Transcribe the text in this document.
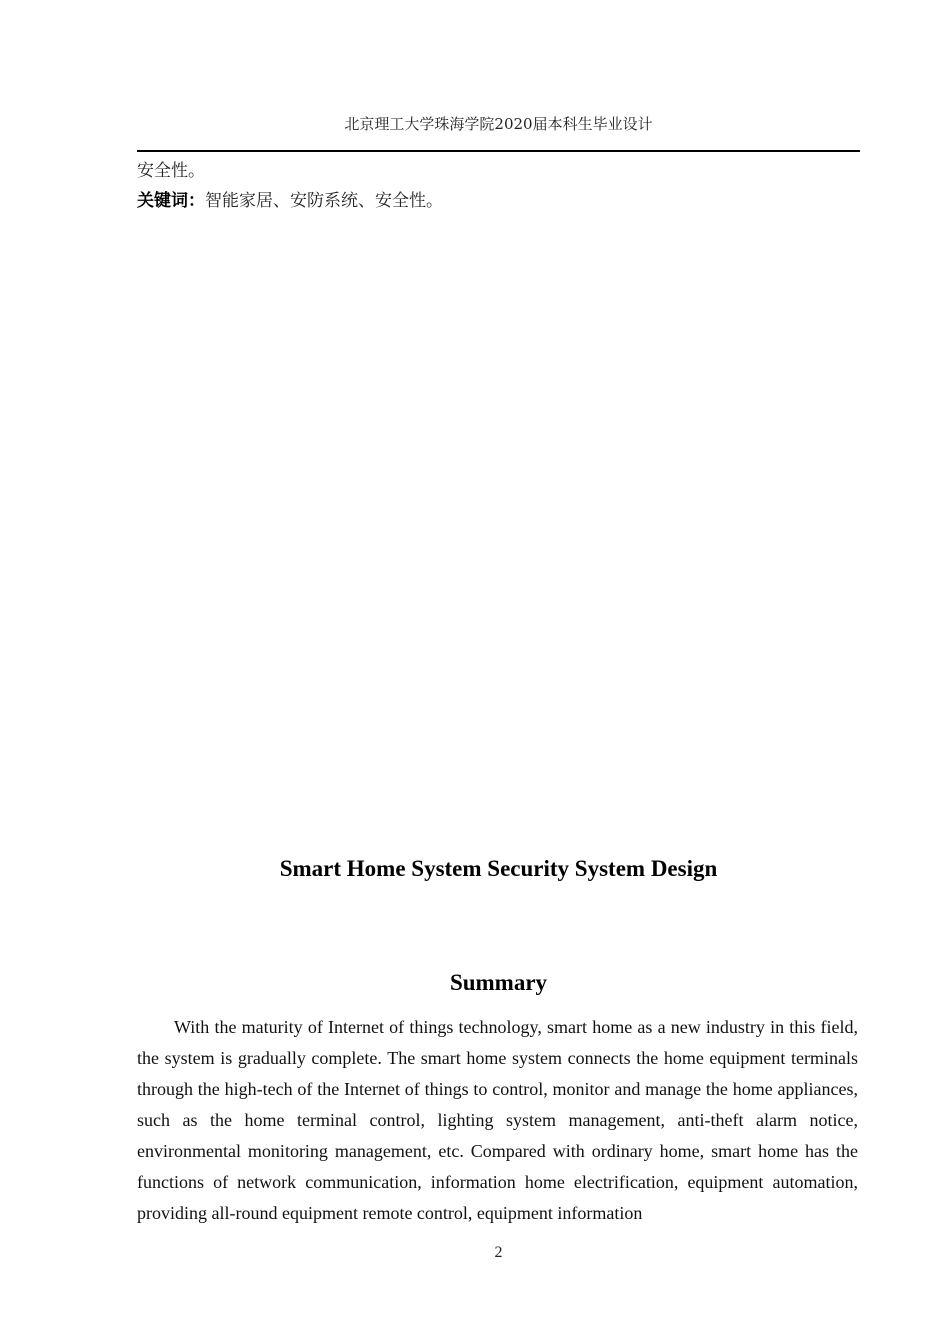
北京理工大学珠海学院2020届本科生毕业设计
安全性。
关键词：智能家居、安防系统、安全性。
Smart Home System Security System Design
Summary

With the maturity of Internet of things technology, smart home as a new industry in this field, the system is gradually complete. The smart home system connects the home equipment terminals through the high-tech of the Internet of things to control, monitor and manage the home appliances, such as the home terminal control, lighting system management, anti-theft alarm notice, environmental monitoring management, etc. Compared with ordinary home, smart home has the functions of network communication, information home electrification, equipment automation, providing all-round equipment remote control, equipment information

2
